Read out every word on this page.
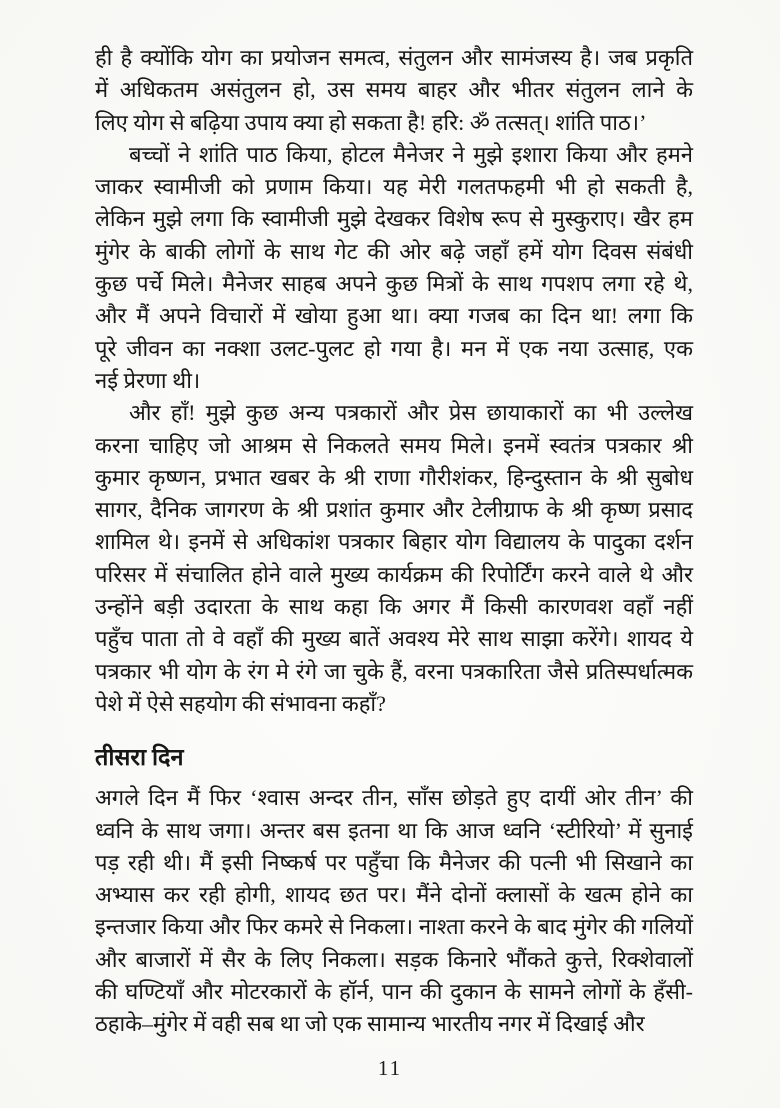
ही है क्योंकि योग का प्रयोजन समत्व, संतुलन और सामंजस्य है। जब प्रकृति
में अधिकतम असंतुलन हो, उस समय बाहर और भीतर संतुलन लाने के
लिए योग से बढ़िया उपाय क्या हो सकता है! हरि: ॐ तत्सत्। शांति पाठ।’
बच्चों ने शांति पाठ किया, होटल मैनेजर ने मुझे इशारा किया और हमने
जाकर स्वामीजी को प्रणाम किया। यह मेरी गलतफहमी भी हो सकती है,
लेकिन मुझे लगा कि स्वामीजी मुझे देखकर विशेष रूप से मुस्कुराए। खैर हम
मुंगेर के बाकी लोगों के साथ गेट की ओर बढ़े जहाँ हमें योग दिवस संबंधी
कुछ पर्चे मिले। मैनेजर साहब अपने कुछ मित्रों के साथ गपशप लगा रहे थे,
और मैं अपने विचारों में खोया हुआ था। क्या गजब का दिन था! लगा कि
पूरे जीवन का नक्शा उलट-पुलट हो गया है। मन में एक नया उत्साह, एक
नई प्रेरणा थी।
और हाँ! मुझे कुछ अन्य पत्रकारों और प्रेस छायाकारों का भी उल्लेख
करना चाहिए जो आश्रम से निकलते समय मिले। इनमें स्वतंत्र पत्रकार श्री
कुमार कृष्णन, प्रभात खबर के श्री राणा गौरीशंकर, हिन्दुस्तान के श्री सुबोध
सागर, दैनिक जागरण के श्री प्रशांत कुमार और टेलीग्राफ के श्री कृष्ण प्रसाद
शामिल थे। इनमें से अधिकांश पत्रकार बिहार योग विद्यालय के पादुका दर्शन
परिसर में संचालित होने वाले मुख्य कार्यक्रम की रिपोर्टिंग करने वाले थे और
उन्होंने बड़ी उदारता के साथ कहा कि अगर मैं किसी कारणवश वहाँ नहीं
पहुँच पाता तो वे वहाँ की मुख्य बातें अवश्य मेरे साथ साझा करेंगे। शायद ये
पत्रकार भी योग के रंग मे रंगे जा चुके हैं, वरना पत्रकारिता जैसे प्रतिस्पर्धात्मक
पेशे में ऐसे सहयोग की संभावना कहाँ?
तीसरा दिन
अगले दिन मैं फिर ‘श्वास अन्दर तीन, साँस छोड़ते हुए दायीं ओर तीन’ की
ध्वनि के साथ जगा। अन्तर बस इतना था कि आज ध्वनि ‘स्टीरियो’ में सुनाई
पड़ रही थी। मैं इसी निष्कर्ष पर पहुँचा कि मैनेजर की पत्नी भी सिखाने का
अभ्यास कर रही होगी, शायद छत पर। मैंने दोनों क्लासों के खत्म होने का
इन्तजार किया और फिर कमरे से निकला। नाश्ता करने के बाद मुंगेर की गलियों
और बाजारों में सैर के लिए निकला। सड़क किनारे भौंकते कुत्ते, रिक्शेवालों
की घण्टियाँ और मोटरकारों के हॉर्न, पान की दुकान के सामने लोगों के हँसी-
ठहाके–मुंगेर में वही सब था जो एक सामान्य भारतीय नगर में दिखाई और
11
